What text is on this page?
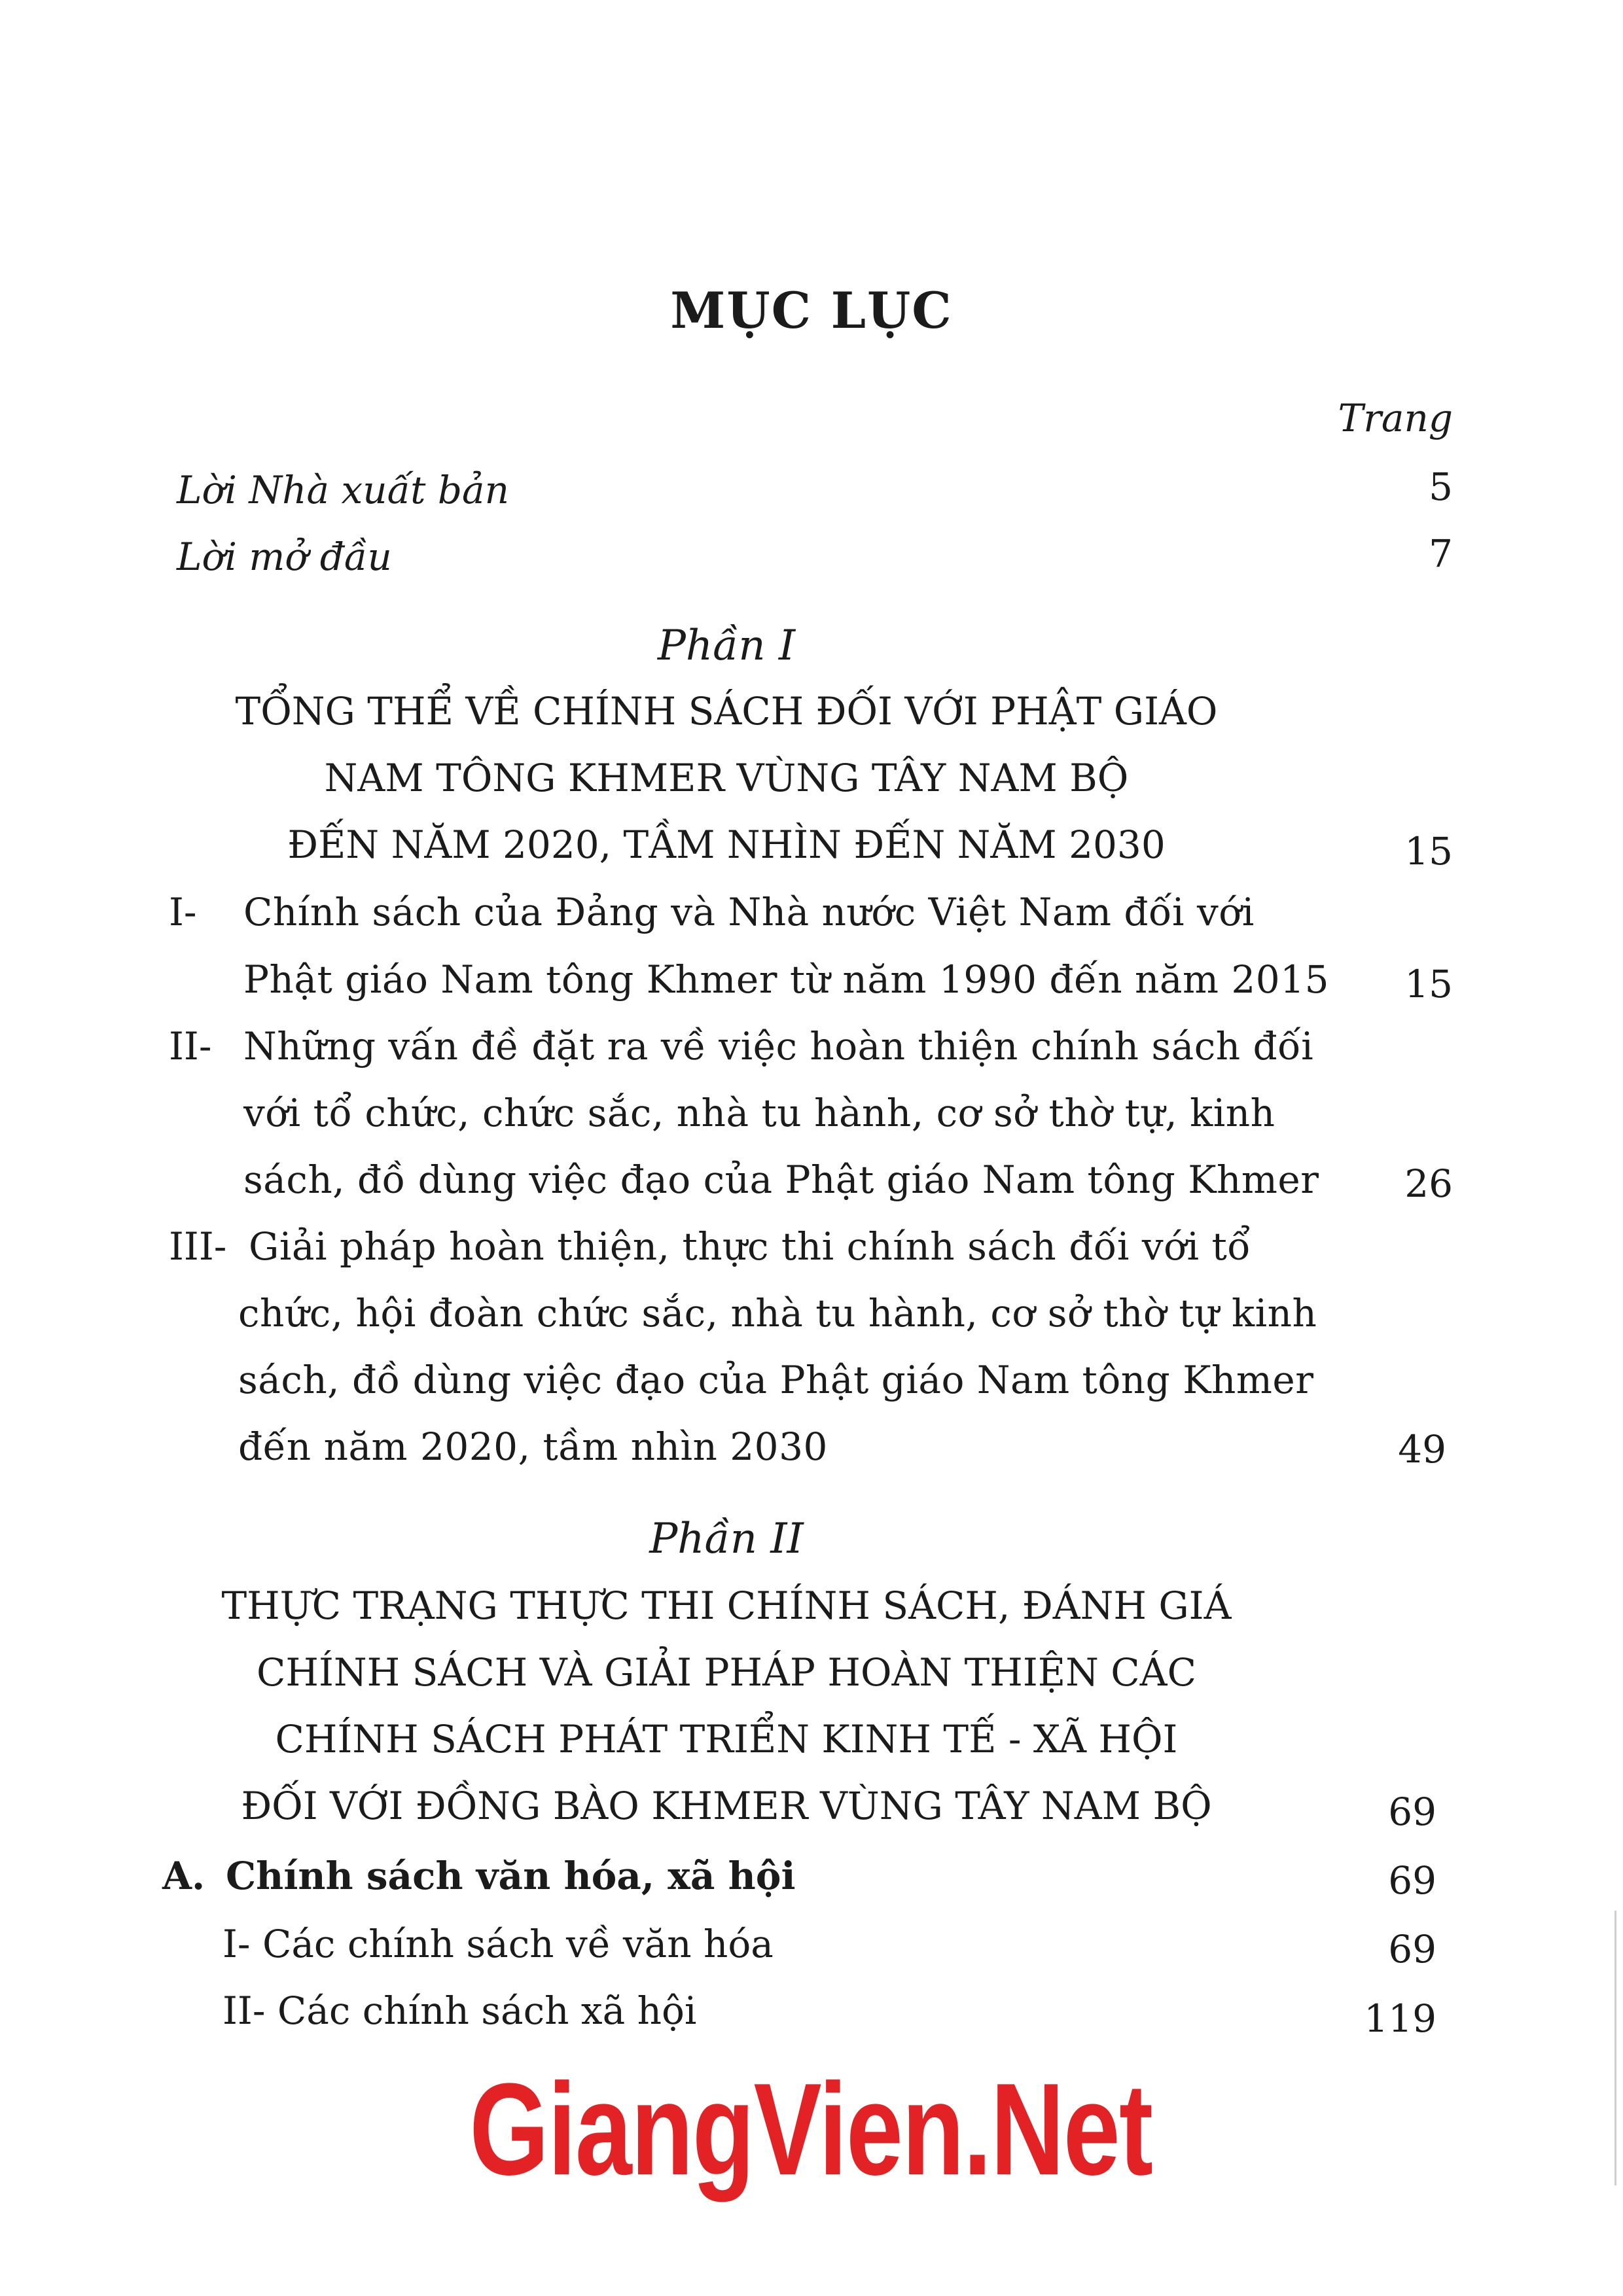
MỤC LỤC
Trang
Lời Nhà xuất bản	5
Lời mở đầu	7
Phần I
TỔNG THỂ VỀ CHÍNH SÁCH ĐỐI VỚI PHẬT GIÁO
NAM TÔNG KHMER VÙNG TÂY NAM BỘ
ĐẾN NĂM 2020, TẦM NHÌN ĐẾN NĂM 2030	15
I- Chính sách của Đảng và Nhà nước Việt Nam đối với
Phật giáo Nam tông Khmer từ năm 1990 đến năm 2015	15
II- Những vấn đề đặt ra về việc hoàn thiện chính sách đối
với tổ chức, chức sắc, nhà tu hành, cơ sở thờ tự, kinh
sách, đồ dùng việc đạo của Phật giáo Nam tông Khmer	26
III- Giải pháp hoàn thiện, thực thi chính sách đối với tổ
chức, hội đoàn chức sắc, nhà tu hành, cơ sở thờ tự kinh
sách, đồ dùng việc đạo của Phật giáo Nam tông Khmer
đến năm 2020, tầm nhìn 2030	49
Phần II
THỰC TRẠNG THỰC THI CHÍNH SÁCH, ĐÁNH GIÁ
CHÍNH SÁCH VÀ GIẢI PHÁP HOÀN THIỆN CÁC
CHÍNH SÁCH PHÁT TRIỂN KINH TẾ - XÃ HỘI
ĐỐI VỚI ĐỒNG BÀO KHMER VÙNG TÂY NAM BỘ	69
A. Chính sách văn hóa, xã hội	69
I- Các chính sách về văn hóa	69
II- Các chính sách xã hội	119
GiangVien.Net
